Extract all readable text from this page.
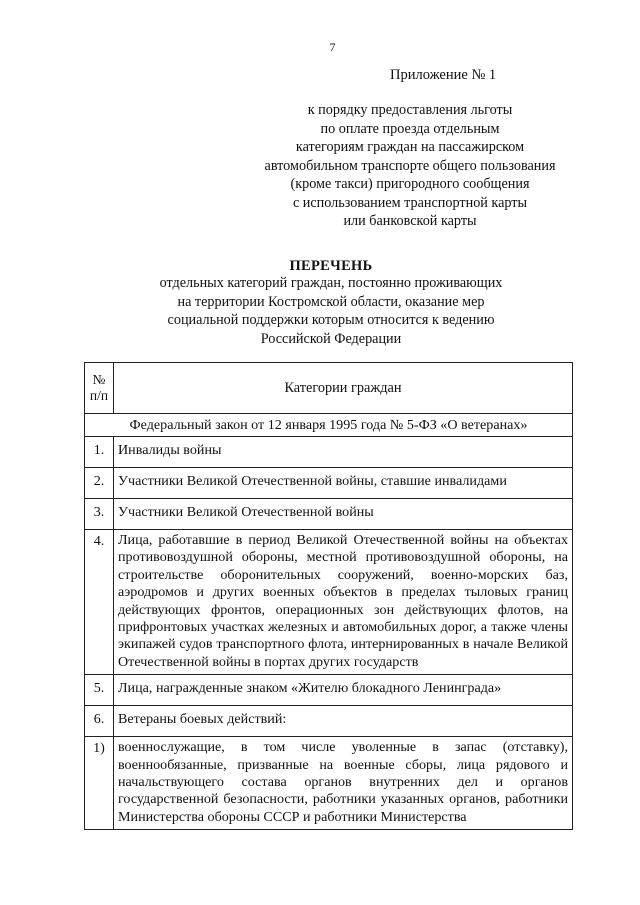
7
Приложение № 1
к порядку предоставления льготы
по оплате проезда отдельным
категориям граждан на пассажирском
автомобильном транспорте общего пользования
(кроме такси) пригородного сообщения
с использованием транспортной карты
или банковской карты
ПЕРЕЧЕНЬ
отдельных категорий граждан, постоянно проживающих
на территории Костромской области, оказание мер
социальной поддержки которым относится к ведению
Российской Федерации
№
п/п	Категории граждан
Федеральный закон от 12 января 1995 года № 5-ФЗ «О ветеранах»	
1.	Инвалиды войны
2.	Участники Великой Отечественной войны, ставшие инвалидами
3.	Участники Великой Отечественной войны
4.	Лица, работавшие в период Великой Отечественной войны на объектах противовоздушной обороны, местной противовоздушной обороны, на строительстве оборонительных сооружений, военно-морских баз, аэродромов и других военных объектов в пределах тыловых границ действующих фронтов, операционных зон действующих флотов, на прифронтовых участках железных и автомобильных дорог, а также члены экипажей судов транспортного флота, интернированных в начале Великой Отечественной войны в портах других государств
5.	Лица, награжденные знаком «Жителю блокадного Ленинграда»
6.	Ветераны боевых действий:
1)	военнослужащие, в том числе уволенные в запас (отставку), военнообязанные, призванные на военные сборы, лица рядового и начальствующего состава органов внутренних дел и органов государственной безопасности, работники указанных органов, работники Министерства обороны СССР и работники Министерства
